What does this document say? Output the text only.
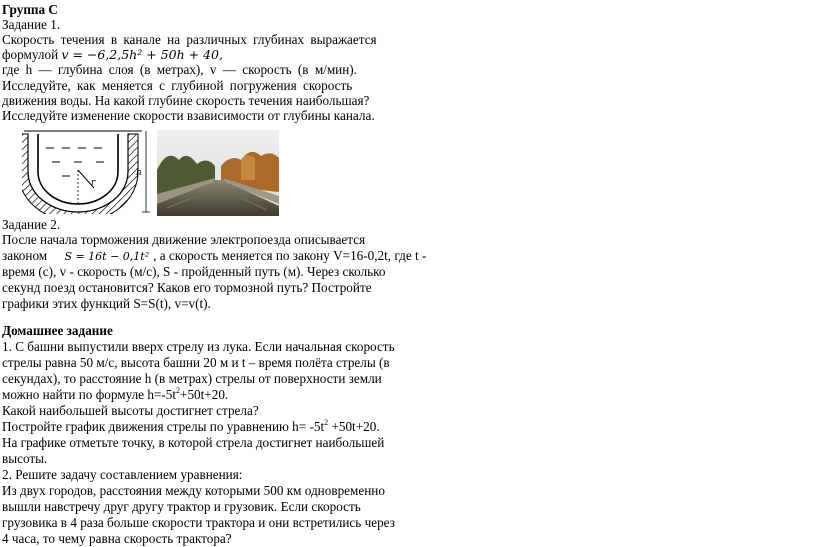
Группа С
Задание 1.
Скорость течения в канале на различных глубинах выражается
формулой v = −6,2,5h² + 50h + 40,
где h — глубина слоя (в метрах), v — скорость (в м/мин).
Исследуйте, как меняется с глубиной погружения скорость
движения воды. На какой глубине скорость течения наибольшая?
Исследуйте изменение скорости взависимости от глубины канала.
r
h
Задание 2.
После начала торможения движение электропоезда описывается
законом S = 16t − 0,1t² , а скорость меняется по закону V=16-0,2t, где t -
время (с), v - скорость (м/с), S - пройденный путь (м). Через сколько
секунд поезд остановится? Каков его тормозной путь? Постройте
графики этих функций S=S(t), v=v(t).
Домашнее задание
1. С башни выпустили вверх стрелу из лука. Если начальная скорость
стрелы равна 50 м/с, высота башни 20 м и t – время полёта стрелы (в
секундах), то расстояние h (в метрах) стрелы от поверхности земли
можно найти по формуле $h=-5t^2+50t+20$.
Какой наибольшей высоты достигнет стрела?
Постройте график движения стрелы по уравнению $h= -5t^2 +50t+20$.
На графике отметьте точку, в которой стрела достигнет наибольшей
высоты.
2. Решите задачу составлением уравнения:
Из двух городов, расстояния между которыми 500 км одновременно
вышли навстречу друг другу трактор и грузовик. Если скорость
грузовика в 4 раза больше скорости трактора и они встретились через
4 часа, то чему равна скорость трактора?
